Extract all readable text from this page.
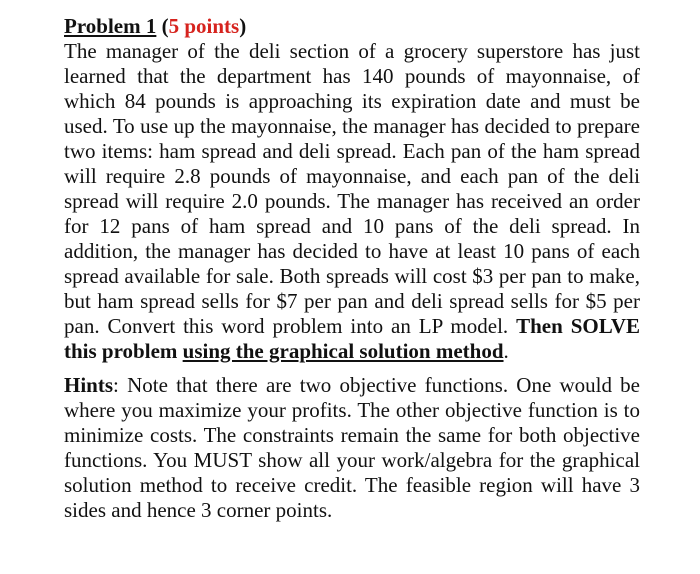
Problem 1 (5 points)

The manager of the deli section of a grocery superstore has just learned that the department has 140 pounds of mayonnaise, of which 84 pounds is approaching its expiration date and must be used. To use up the mayonnaise, the manager has decided to prepare two items: ham spread and deli spread. Each pan of the ham spread will require 2.8 pounds of mayonnaise, and each pan of the deli spread will require 2.0 pounds. The manager has received an order for 12 pans of ham spread and 10 pans of the deli spread. In addition, the manager has decided to have at least 10 pans of each spread available for sale. Both spreads will cost $3 per pan to make, but ham spread sells for $7 per pan and deli spread sells for $5 per pan. Convert this word problem into an LP model. Then SOLVE this problem using the graphical solution method.

Hints: Note that there are two objective functions. One would be where you maximize your profits. The other objective function is to minimize costs. The constraints remain the same for both objective functions. You MUST show all your work/algebra for the graphical solution method to receive credit. The feasible region will have 3 sides and hence 3 corner points.
